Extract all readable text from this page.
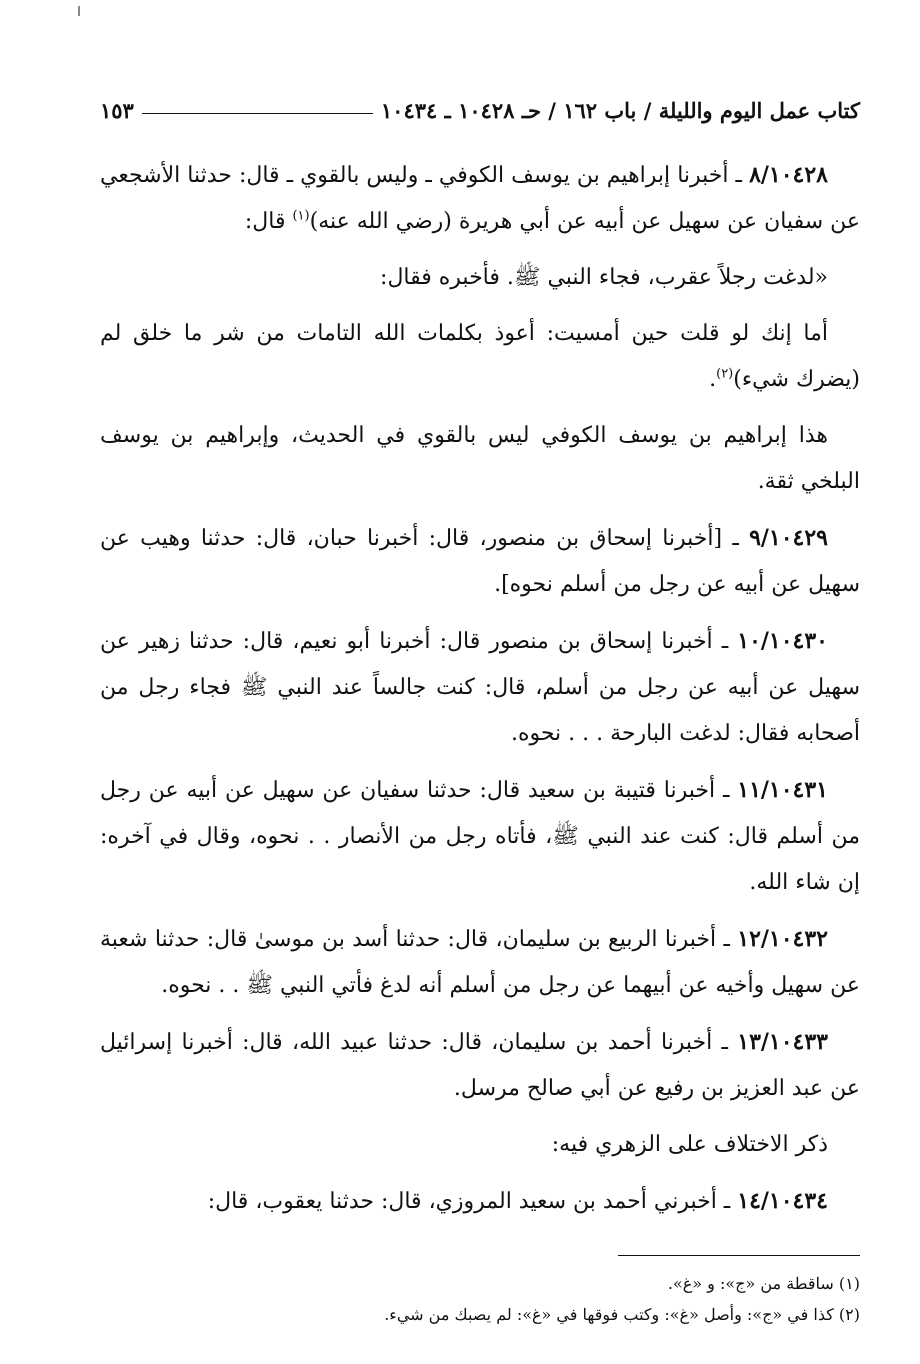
كتاب عمل اليوم والليلة / باب ١٦٢ / حـ ١٠٤٢٨ ـ ١٠٤٣٤
١٥٣

٨/١٠٤٢٨ ـ أخبرنا إبراهيم بن يوسف الكوفي ـ وليس بالقوي ـ قال: حدثنا الأشجعي عن سفيان عن سهيل عن أبيه عن أبي هريرة (رضي الله عنه)$^{(١)}$ قال:

«لدغت رجلاً عقرب، فجاء النبي ﷺ. فأخبره فقال:

أما إنك لو قلت حين أمسيت: أعوذ بكلمات الله التامات من شر ما خلق لم (يضرك شيء)$^{(٢)}$.

هذا إبراهيم بن يوسف الكوفي ليس بالقوي في الحديث، وإبراهيم بن يوسف البلخي ثقة.

٩/١٠٤٢٩ ـ [أخبرنا إسحاق بن منصور، قال: أخبرنا حبان، قال: حدثنا وهيب عن سهيل عن أبيه عن رجل من أسلم نحوه].

١٠/١٠٤٣٠ ـ أخبرنا إسحاق بن منصور قال: أخبرنا أبو نعيم، قال: حدثنا زهير عن سهيل عن أبيه عن رجل من أسلم، قال: كنت جالساً عند النبي ﷺ فجاء رجل من أصحابه فقال: لدغت البارحة . . . نحوه.

١١/١٠٤٣١ ـ أخبرنا قتيبة بن سعيد قال: حدثنا سفيان عن سهيل عن أبيه عن رجل من أسلم قال: كنت عند النبي ﷺ، فأتاه رجل من الأنصار . . نحوه، وقال في آخره: إن شاء الله.

١٢/١٠٤٣٢ ـ أخبرنا الربيع بن سليمان، قال: حدثنا أسد بن موسىٰ قال: حدثنا شعبة عن سهيل وأخيه عن أبيهما عن رجل من أسلم أنه لدغ فأتي النبي ﷺ . . نحوه.

١٣/١٠٤٣٣ ـ أخبرنا أحمد بن سليمان، قال: حدثنا عبيد الله، قال: أخبرنا إسرائيل عن عبد العزيز بن رفيع عن أبي صالح مرسل.

ذكر الاختلاف على الزهري فيه:

١٤/١٠٤٣٤ ـ أخبرني أحمد بن سعيد المروزي، قال: حدثنا يعقوب، قال:

(١) ساقطة من «ج»: و «غ».

(٢) كذا في «ج»: وأصل «غ»: وكتب فوقها في «غ»: لم يصبك من شيء.
